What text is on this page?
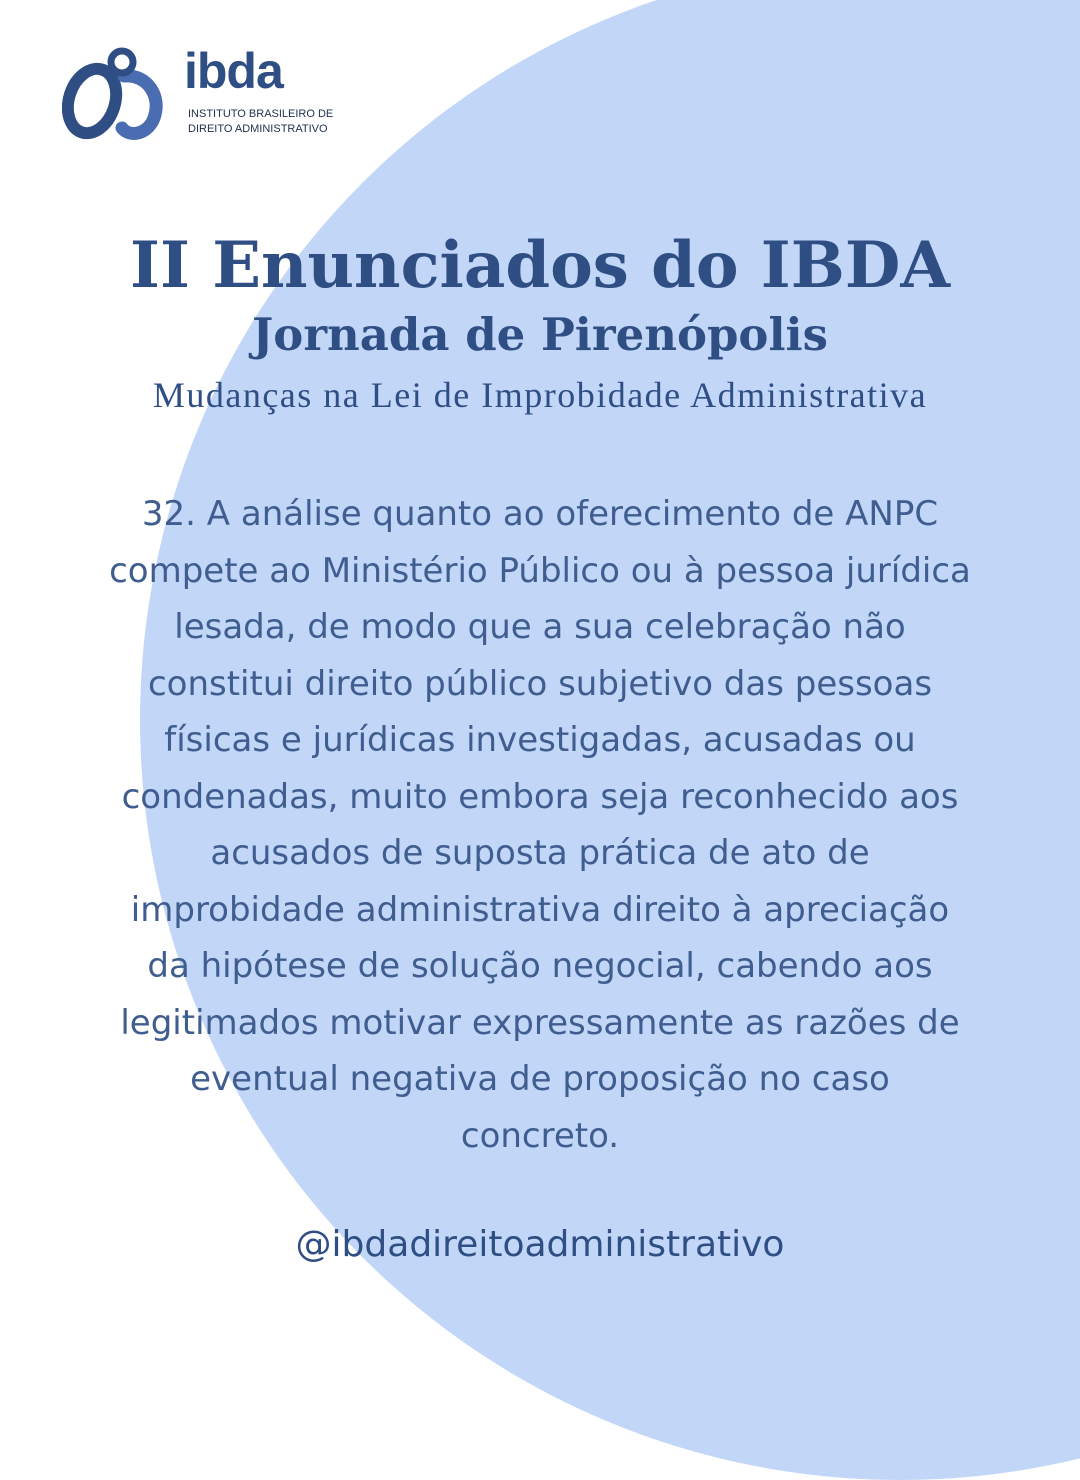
ibda
INSTITUTO BRASILEIRO DE
DIREITO ADMINISTRATIVO
II Enunciados do IBDA
Jornada de Pirenópolis
Mudanças na Lei de Improbidade Administrativa
32. A análise quanto ao oferecimento de ANPC
compete ao Ministério Público ou à pessoa jurídica
lesada, de modo que a sua celebração não
constitui direito público subjetivo das pessoas
físicas e jurídicas investigadas, acusadas ou
condenadas, muito embora seja reconhecido aos
acusados de suposta prática de ato de
improbidade administrativa direito à apreciação
da hipótese de solução negocial, cabendo aos
legitimados motivar expressamente as razões de
eventual negativa de proposição no caso
concreto.
@ibdadireitoadministrativo
